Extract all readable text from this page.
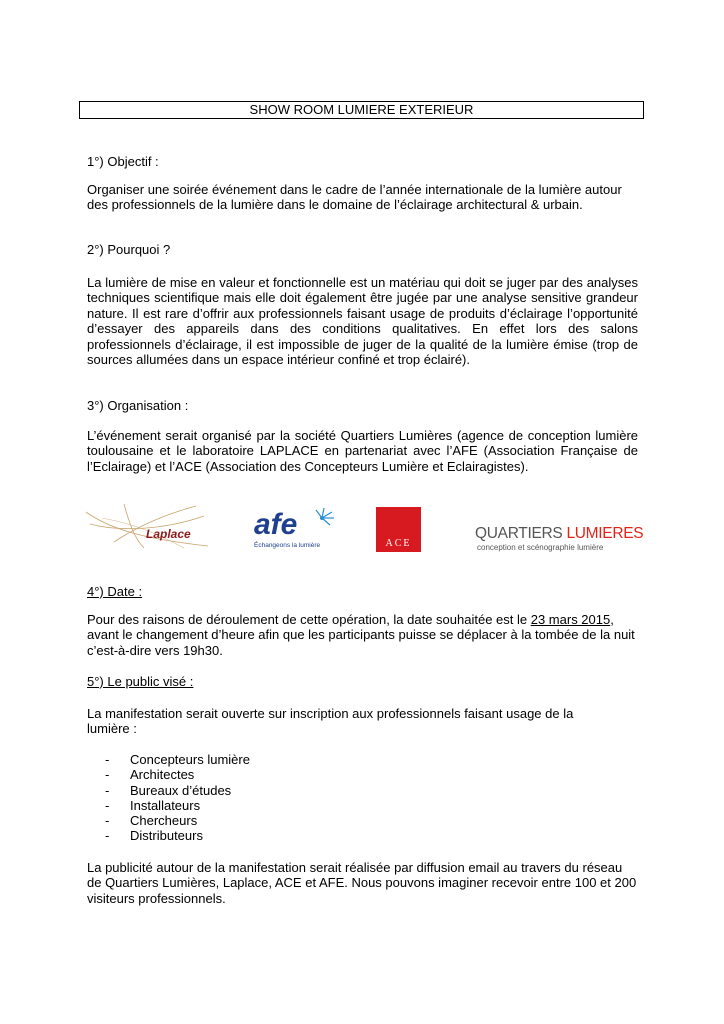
SHOW ROOM LUMIERE EXTERIEUR
1°) Objectif :
Organiser une soirée événement dans le cadre de l’année internationale de la lumière autour des professionnels de la lumière dans le domaine de l’éclairage architectural & urbain.
2°) Pourquoi ?
La lumière de mise en valeur et fonctionnelle est un matériau qui doit se juger par des analyses techniques scientifique mais elle doit également être jugée par une analyse sensitive grandeur nature. Il est rare d’offrir aux professionnels faisant usage de produits d’éclairage l’opportunité d’essayer des appareils dans des conditions qualitatives. En effet lors des salons professionnels d’éclairage, il est impossible de juger de la qualité de la lumière émise (trop de sources allumées dans un espace intérieur confiné et trop éclairé).
3°) Organisation :
L’événement serait organisé par la société Quartiers Lumières (agence de conception lumière toulousaine et le laboratoire LAPLACE en partenariat avec l’AFE (Association Française de l’Eclairage) et l’ACE (Association des Concepteurs Lumière et Eclairagistes).
Laplace afe
Échangeons la lumière	ACE
QUARTIERS LUMIERES
conception et scénographie lumière
4°) Date :
Pour des raisons de déroulement de cette opération, la date souhaitée est le 23 mars 2015, avant le changement d’heure afin que les participants puisse se déplacer à la tombée de la nuit c’est-à-dire vers 19h30.
5°) Le public visé :
La manifestation serait ouverte sur inscription aux professionnels faisant usage de la lumière :
- Concepteurs lumière
- Architectes
- Bureaux d’études
- Installateurs
- Chercheurs
- Distributeurs
La publicité autour de la manifestation serait réalisée par diffusion email au travers du réseau de Quartiers Lumières, Laplace, ACE et AFE. Nous pouvons imaginer recevoir entre 100 et 200 visiteurs professionnels.
